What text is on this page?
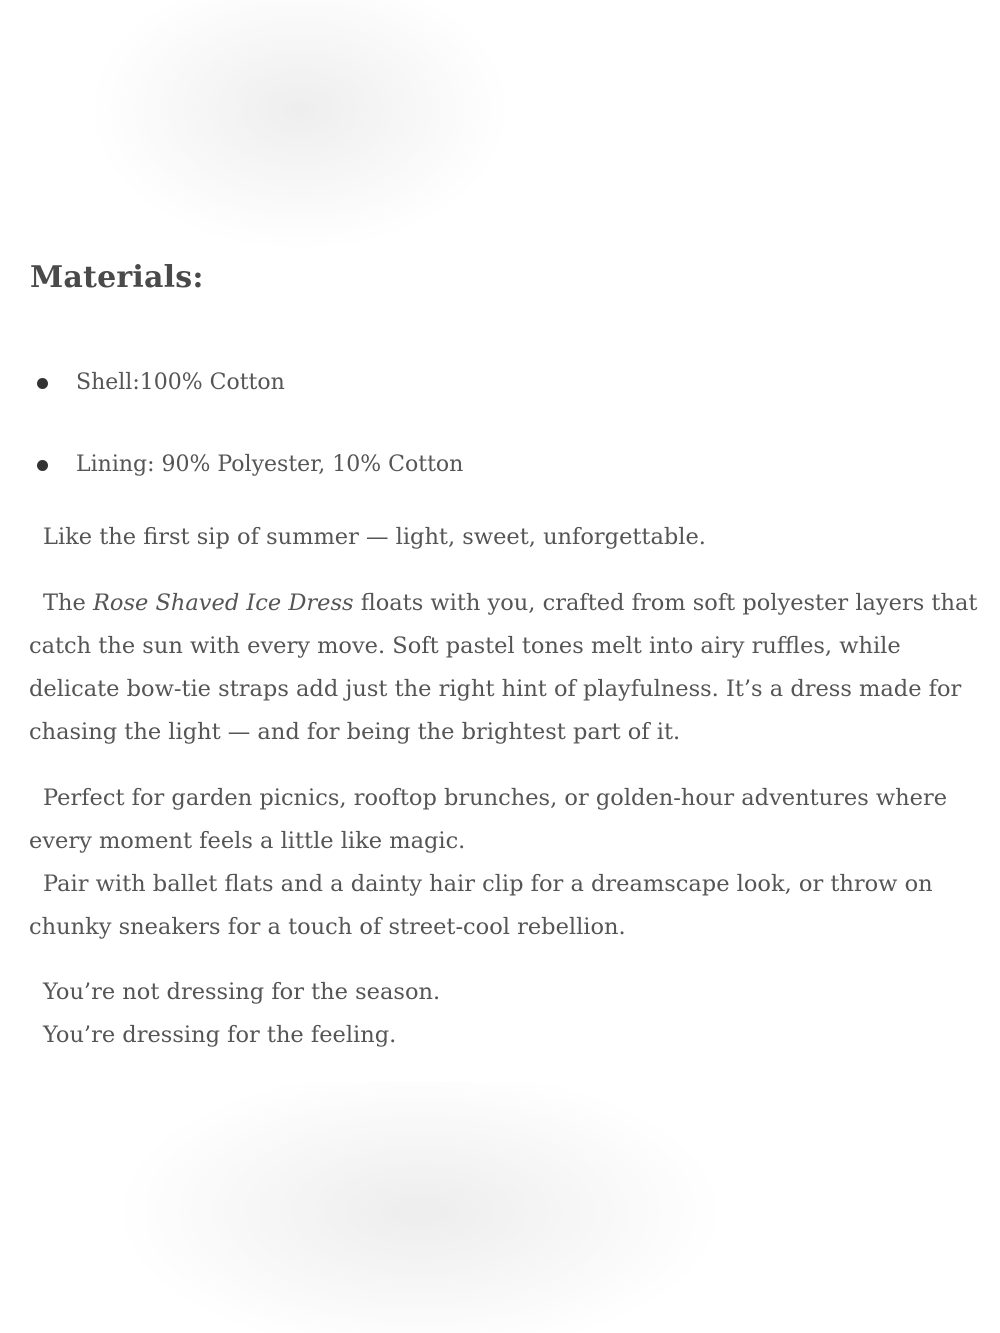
Materials:
Shell:100% Cotton
Lining: 90% Polyester, 10% Cotton

Like the first sip of summer — light, sweet, unforgettable.

The Rose Shaved Ice Dress floats with you, crafted from soft polyester layers that catch the sun with every move. Soft pastel tones melt into airy ruffles, while delicate bow-tie straps add just the right hint of playfulness. It’s a dress made for chasing the light — and for being the brightest part of it.

Perfect for garden picnics, rooftop brunches, or golden-hour adventures where every moment feels a little like magic.

Pair with ballet flats and a dainty hair clip for a dreamscape look, or throw on chunky sneakers for a touch of street-cool rebellion.

You’re not dressing for the season.

You’re dressing for the feeling.
